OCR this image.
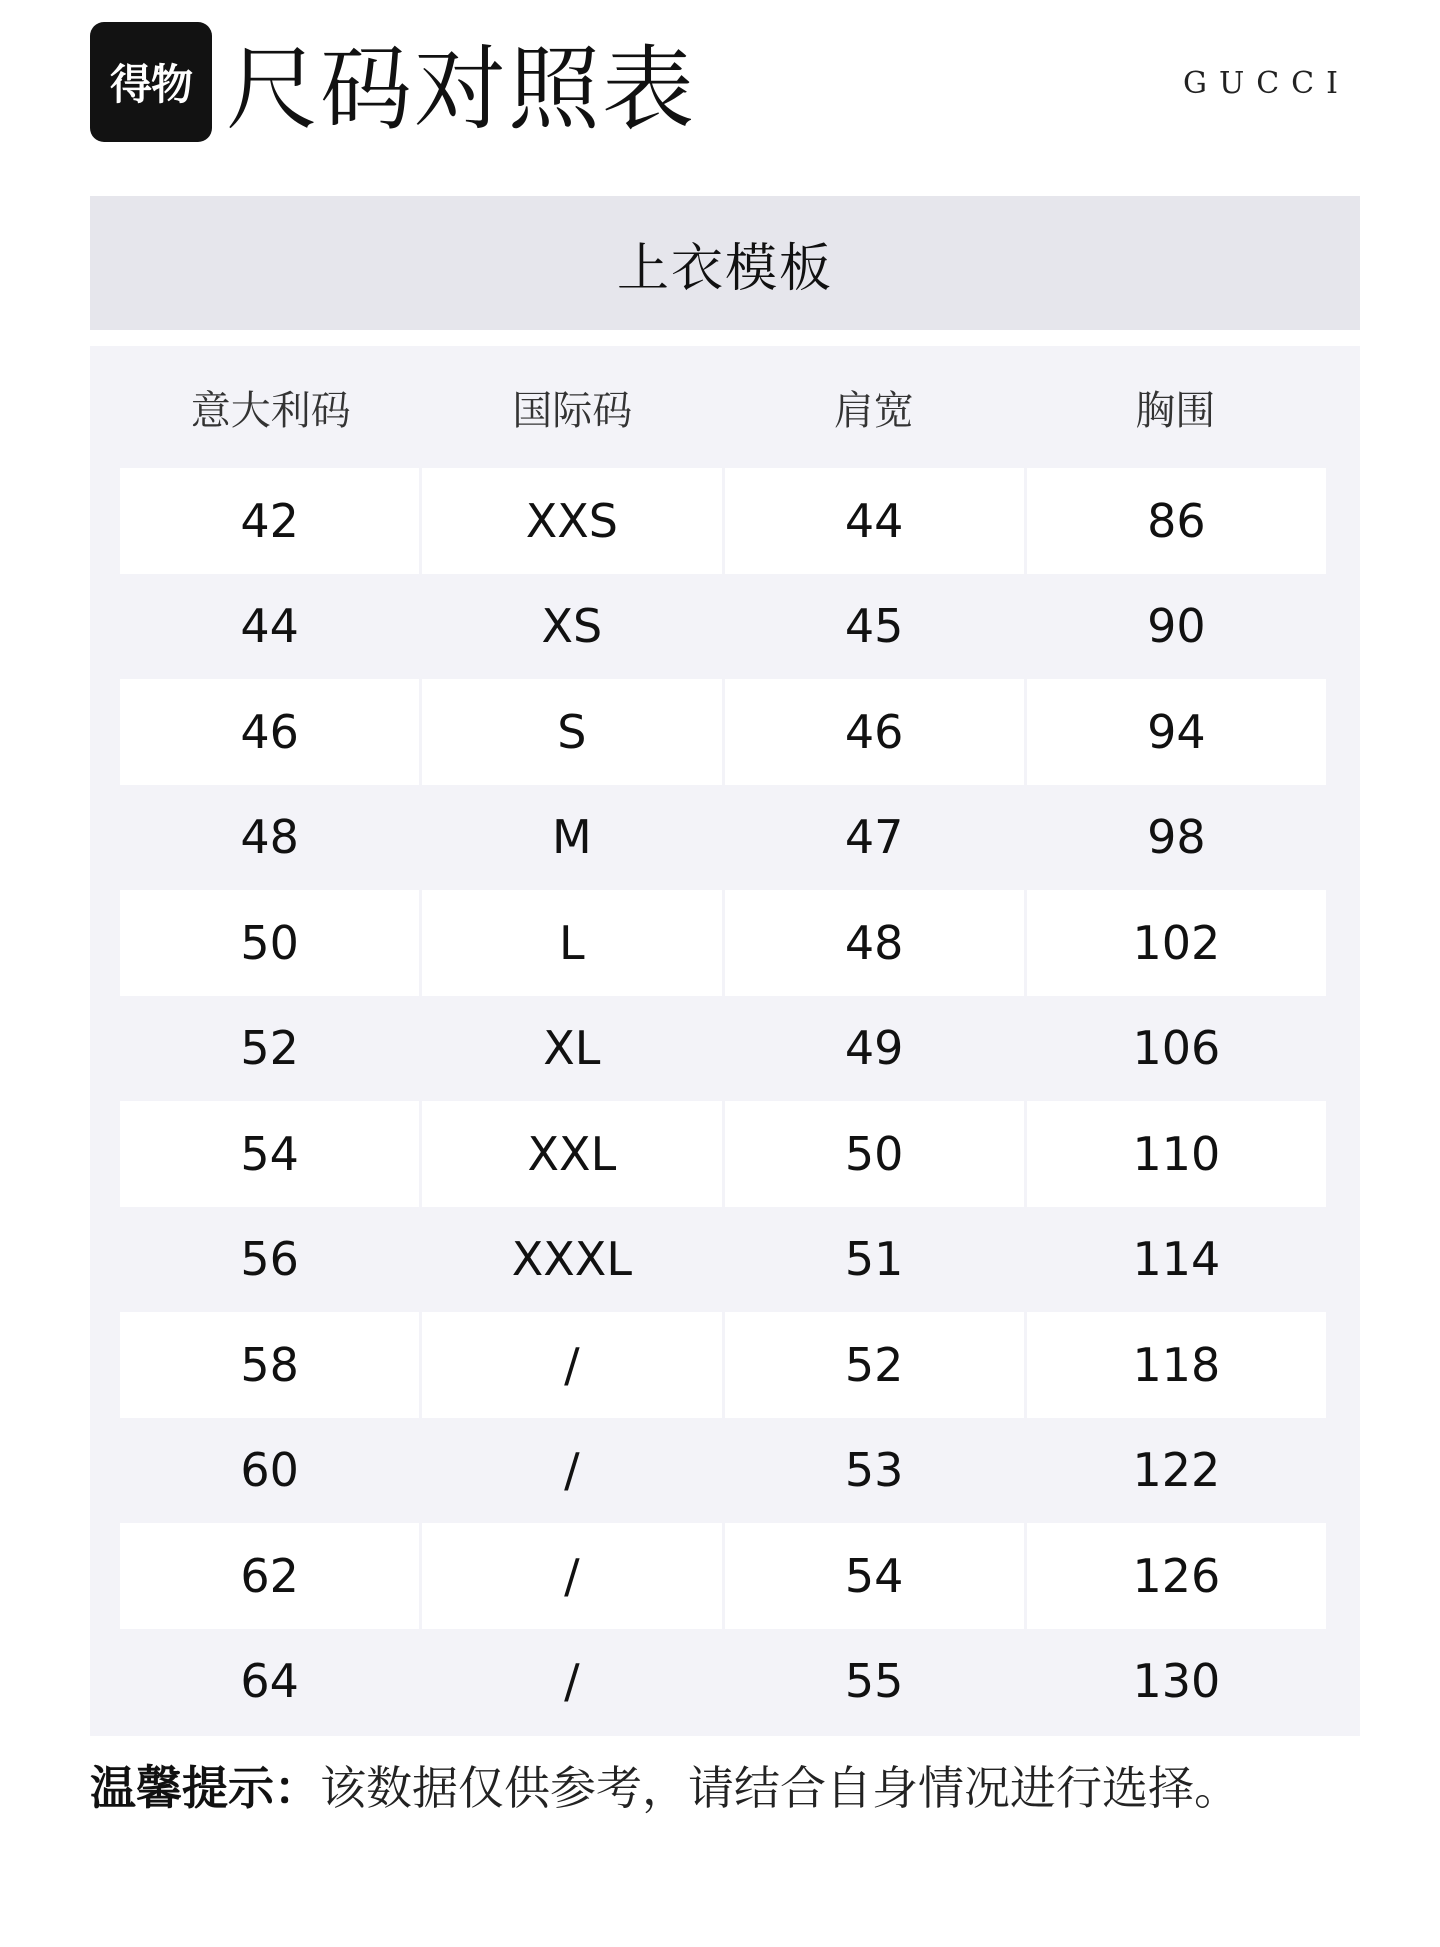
得物 尺码对照表	GUCCI
上衣模板
意大利码	国际码	肩宽	胸围
42	XXS	44	86
44	XS	45	90
46	S	46	94
48	M	47	98
50	L	48	102
52	XL	49	106
54	XXL	50	110
56	XXXL	51	114
58	/	52	118
60	/	53	122
62	/	54	126
64	/	55	130
温馨提示：该数据仅供参考，请结合自身情况进行选择。
